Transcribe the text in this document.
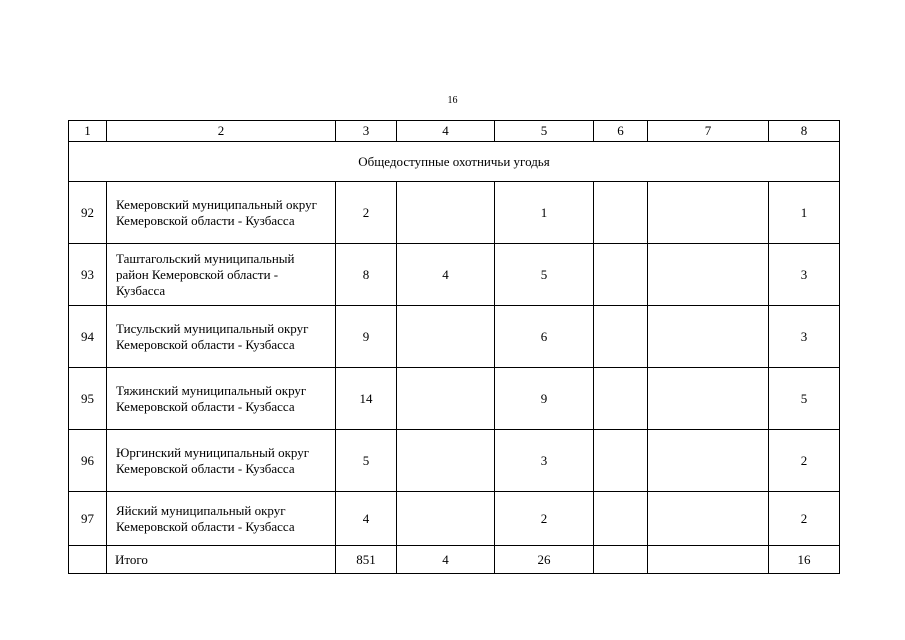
16
1	2	3	4	5	6	7	8
Общедоступные охотничьи угодья							
92	Кемеровский муниципальный округ Кемеровской области - Кузбасса	2		1			1
93	Таштагольский муниципальный район Кемеровской области - Кузбасса	8	4	5			3
94	Тисульский муниципальный округ Кемеровской области - Кузбасса	9		6			3
95	Тяжинский муниципальный округ Кемеровской области - Кузбасса	14		9			5
96	Юргинский муниципальный округ Кемеровской области - Кузбасса	5		3			2
97	Яйский муниципальный округ Кемеровской области - Кузбасса	4		2			2
	Итого	851	4	26			16
